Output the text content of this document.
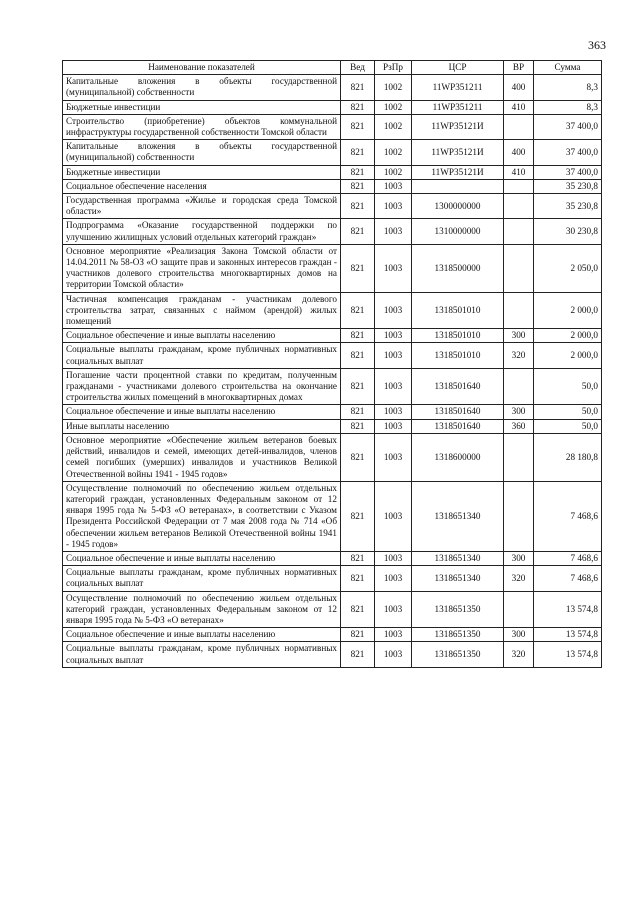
363
Наименование показателей	Вед	РзПр	ЦСР	ВР	Сумма
Капитальные вложения в объекты государственной (муниципальной) собственности	821	1002	11WP351211	400	8,3
Бюджетные инвестиции	821	1002	11WP351211	410	8,3
Строительство (приобретение) объектов коммунальной инфраструктуры государственной собственности Томской области	821	1002	11WP35121И		37 400,0
Капитальные вложения в объекты государственной (муниципальной) собственности	821	1002	11WP35121И	400	37 400,0
Бюджетные инвестиции	821	1002	11WP35121И	410	37 400,0
Социальное обеспечение населения	821	1003			35 230,8
Государственная программа «Жилье и городская среда Томской области»	821	1003	1300000000		35 230,8
Подпрограмма «Оказание государственной поддержки по улучшению жилищных условий отдельных категорий граждан»	821	1003	1310000000		30 230,8
Основное мероприятие «Реализация Закона Томской области от 14.04.2011 № 58-ОЗ «О защите прав и законных интересов граждан - участников долевого строительства многоквартирных домов на территории Томской области»	821	1003	1318500000		2 050,0
Частичная компенсация гражданам - участникам долевого строительства затрат, связанных с наймом (арендой) жилых помещений	821	1003	1318501010		2 000,0
Социальное обеспечение и иные выплаты населению	821	1003	1318501010	300	2 000,0
Социальные выплаты гражданам, кроме публичных нормативных социальных выплат	821	1003	1318501010	320	2 000,0
Погашение части процентной ставки по кредитам, полученным гражданами - участниками долевого строительства на окончание строительства жилых помещений в многоквартирных домах	821	1003	1318501640		50,0
Социальное обеспечение и иные выплаты населению	821	1003	1318501640	300	50,0
Иные выплаты населению	821	1003	1318501640	360	50,0
Основное мероприятие «Обеспечение жильем ветеранов боевых действий, инвалидов и семей, имеющих детей-инвалидов, членов семей погибших (умерших) инвалидов и участников Великой Отечественной войны 1941 - 1945 годов»	821	1003	1318600000		28 180,8
Осуществление полномочий по обеспечению жильем отдельных категорий граждан, установленных Федеральным законом от 12 января 1995 года № 5-ФЗ «О ветеранах», в соответствии с Указом Президента Российской Федерации от 7 мая 2008 года № 714 «Об обеспечении жильем ветеранов Великой Отечественной войны 1941 - 1945 годов»	821	1003	1318651340		7 468,6
Социальное обеспечение и иные выплаты населению	821	1003	1318651340	300	7 468,6
Социальные выплаты гражданам, кроме публичных нормативных социальных выплат	821	1003	1318651340	320	7 468,6
Осуществление полномочий по обеспечению жильем отдельных категорий граждан, установленных Федеральным законом от 12 января 1995 года № 5-ФЗ «О ветеранах»	821	1003	1318651350		13 574,8
Социальное обеспечение и иные выплаты населению	821	1003	1318651350	300	13 574,8
Социальные выплаты гражданам, кроме публичных нормативных социальных выплат	821	1003	1318651350	320	13 574,8
